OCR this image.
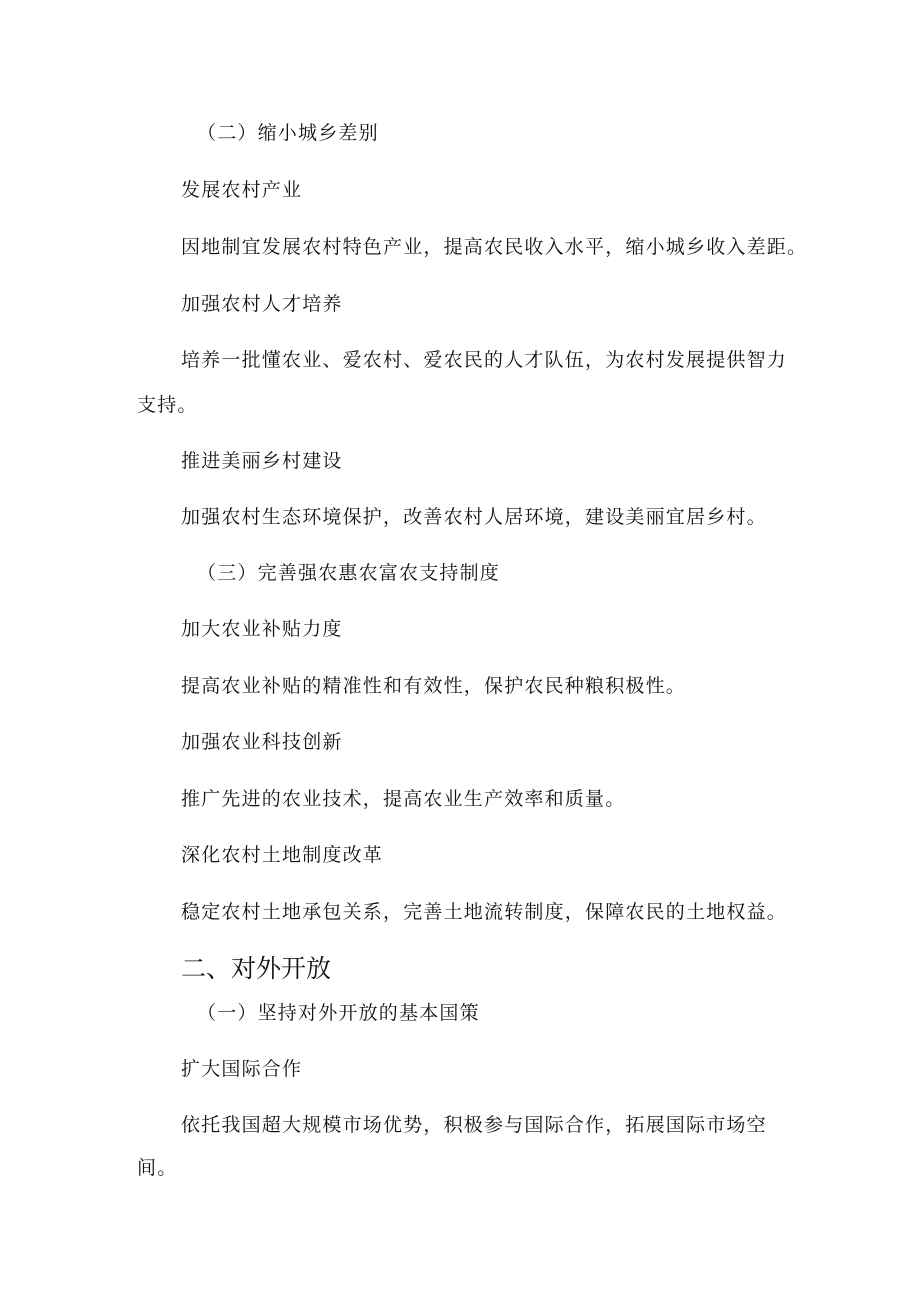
（二）缩小城乡差别
发展农村产业
因地制宜发展农村特色产业，提高农民收入水平，缩小城乡收入差距。
加强农村人才培养
培养一批懂农业、爱农村、爱农民的人才队伍，为农村发展提供智力
支持。
推进美丽乡村建设
加强农村生态环境保护，改善农村人居环境，建设美丽宜居乡村。
（三）完善强农惠农富农支持制度
加大农业补贴力度
提高农业补贴的精准性和有效性，保护农民种粮积极性。
加强农业科技创新
推广先进的农业技术，提高农业生产效率和质量。
深化农村土地制度改革
稳定农村土地承包关系，完善土地流转制度，保障农民的土地权益。
二、对外开放
（一）坚持对外开放的基本国策
扩大国际合作
依托我国超大规模市场优势，积极参与国际合作，拓展国际市场空
间。
